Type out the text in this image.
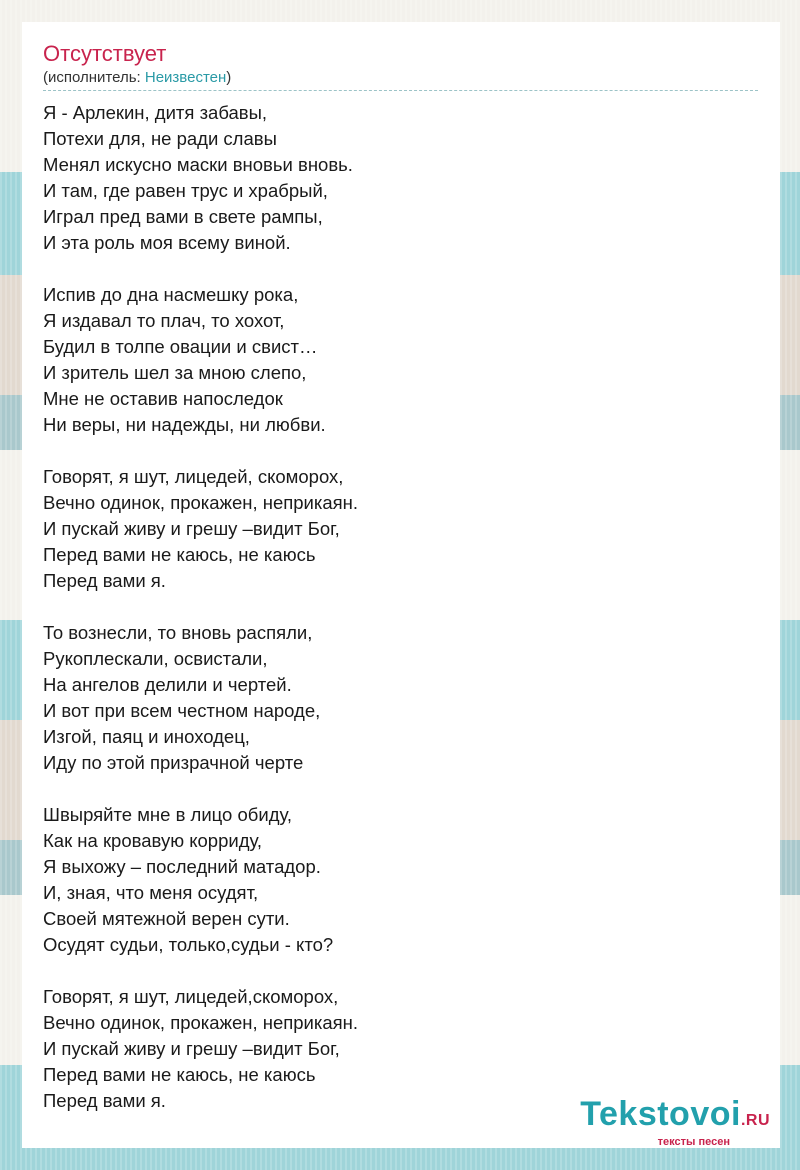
Отсутствует
(исполнитель: Неизвестен)
Я - Арлекин, дитя забавы,
Потехи для, не ради славы
Менял искусно маски вновьи вновь.
И там, где равен трус и храбрый,
Играл пред вами в свете рампы,
И эта роль моя всему виной.
Испив до дна насмешку рока,
Я издавал то плач, то хохот,
Будил в толпе овации и свист…
И зритель шел за мною слепо,
Мне не оставив напоследок
Ни веры, ни надежды, ни любви.
Говорят, я шут, лицедей, скоморох,
Вечно одинок, прокажен, неприкаян.
И пускай живу и грешу –видит Бог,
Перед вами не каюсь, не каюсь
Перед вами я.
То вознесли, то вновь распяли,
Рукоплескали, освистали,
На ангелов делили и чертей.
И вот при всем честном народе,
Изгой, паяц и иноходец,
Иду по этой призрачной черте
Швыряйте мне в лицо обиду,
Как на кровавую корриду,
Я выхожу – последний матадор.
И, зная, что меня осудят,
Своей мятежной верен сути.
Осудят судьи, только,судьи - кто?
Говорят, я шут, лицедей,скоморох,
Вечно одинок, прокажен, неприкаян.
И пускай живу и грешу –видит Бог,
Перед вами не каюсь, не каюсь
Перед вами я.	Tekstovoi.RU
тексты песен
